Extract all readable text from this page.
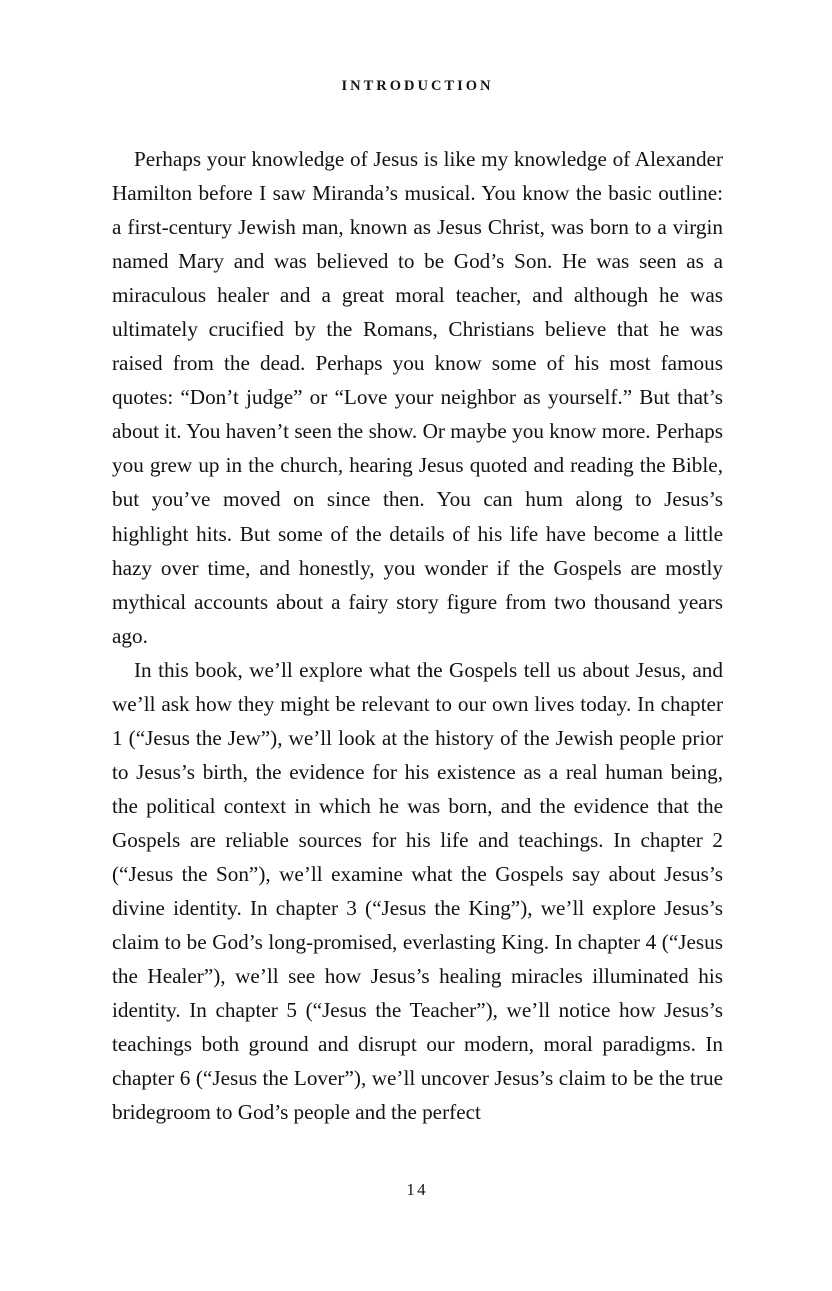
INTRODUCTION

Perhaps your knowledge of Jesus is like my knowledge of Alexander Hamilton before I saw Miranda’s musical. You know the basic outline: a first-century Jewish man, known as Jesus Christ, was born to a virgin named Mary and was believed to be God’s Son. He was seen as a miraculous healer and a great moral teacher, and although he was ultimately crucified by the Romans, Christians believe that he was raised from the dead. Perhaps you know some of his most famous quotes: “Don’t judge” or “Love your neighbor as yourself.” But that’s about it. You haven’t seen the show. Or maybe you know more. Perhaps you grew up in the church, hearing Jesus quoted and reading the Bible, but you’ve moved on since then. You can hum along to Jesus’s highlight hits. But some of the details of his life have become a little hazy over time, and honestly, you wonder if the Gospels are mostly mythical accounts about a fairy story figure from two thousand years ago.

In this book, we’ll explore what the Gospels tell us about Jesus, and we’ll ask how they might be relevant to our own lives today. In chapter 1 (“Jesus the Jew”), we’ll look at the history of the Jewish people prior to Jesus’s birth, the evidence for his existence as a real human being, the political context in which he was born, and the evidence that the Gospels are reliable sources for his life and teachings. In chapter 2 (“Jesus the Son”), we’ll examine what the Gospels say about Jesus’s divine identity. In chapter 3 (“Jesus the King”), we’ll explore Jesus’s claim to be God’s long-promised, everlasting King. In chapter 4 (“Jesus the Healer”), we’ll see how Jesus’s healing miracles illuminated his identity. In chapter 5 (“Jesus the Teacher”), we’ll notice how Jesus’s teachings both ground and disrupt our modern, moral paradigms. In chapter 6 (“Jesus the Lover”), we’ll uncover Jesus’s claim to be the true bridegroom to God’s people and the perfect

14
